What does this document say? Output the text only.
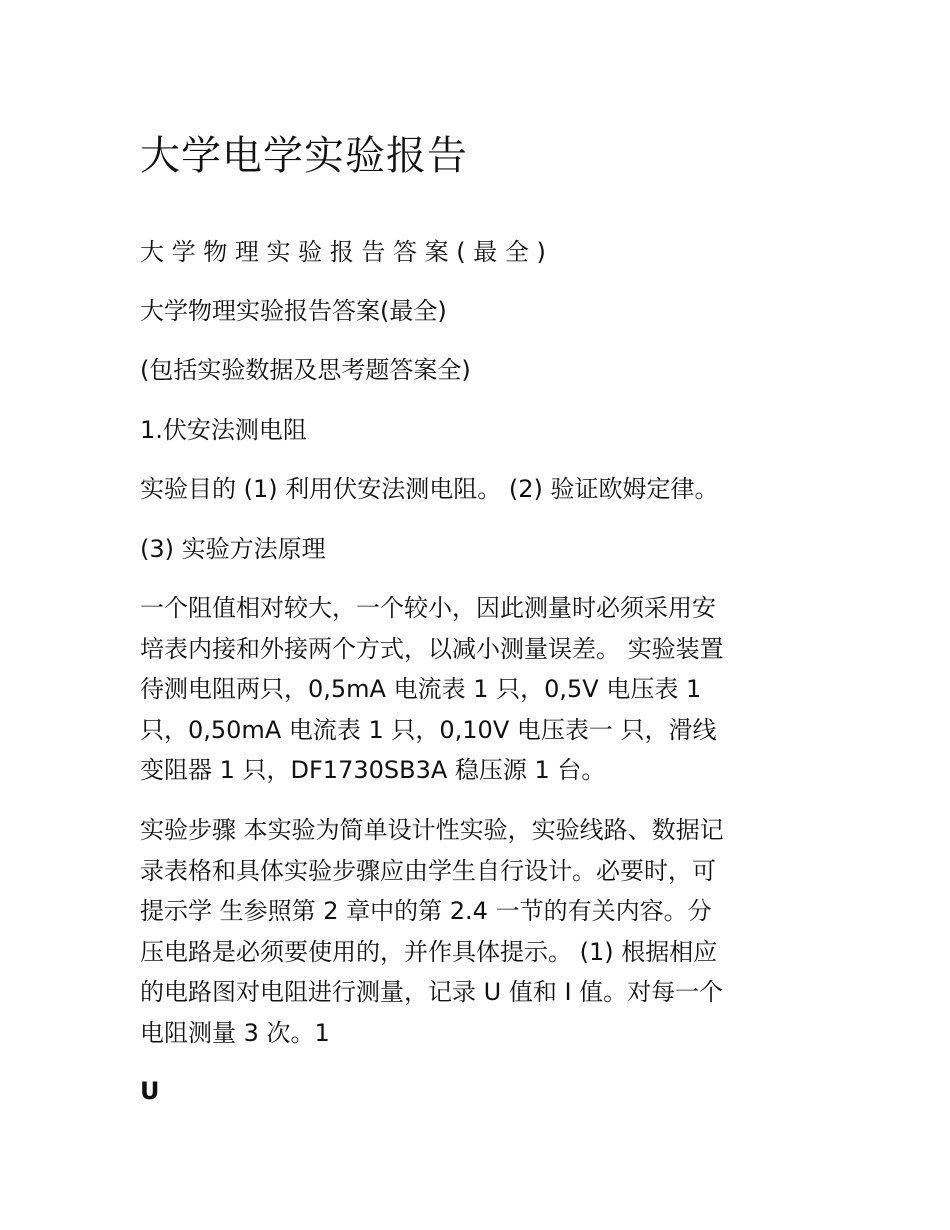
大学电学实验报告
大 学 物 理 实 验 报 告 答 案 ( 最 全 )
大学物理实验报告答案(最全)
(包括实验数据及思考题答案全)
1.伏安法测电阻
实验目的 (1) 利用伏安法测电阻。 (2) 验证欧姆定律。
(3) 实验方法原理
一个阻值相对较大，一个较小，因此测量时必须采用安
培表内接和外接两个方式，以减小测量误差。 实验装置
待测电阻两只，0,5mA 电流表 1 只，0,5V 电压表 1
只，0,50mA 电流表 1 只，0,10V 电压表一 只，滑线
变阻器 1 只，DF1730SB3A 稳压源 1 台。
实验步骤 本实验为简单设计性实验，实验线路、数据记
录表格和具体实验步骤应由学生自行设计。必要时，可
提示学 生参照第 2 章中的第 2.4 一节的有关内容。分
压电路是必须要使用的，并作具体提示。 (1) 根据相应
的电路图对电阻进行测量，记录 U 值和 I 值。对每一个
电阻测量 3 次。1
U
